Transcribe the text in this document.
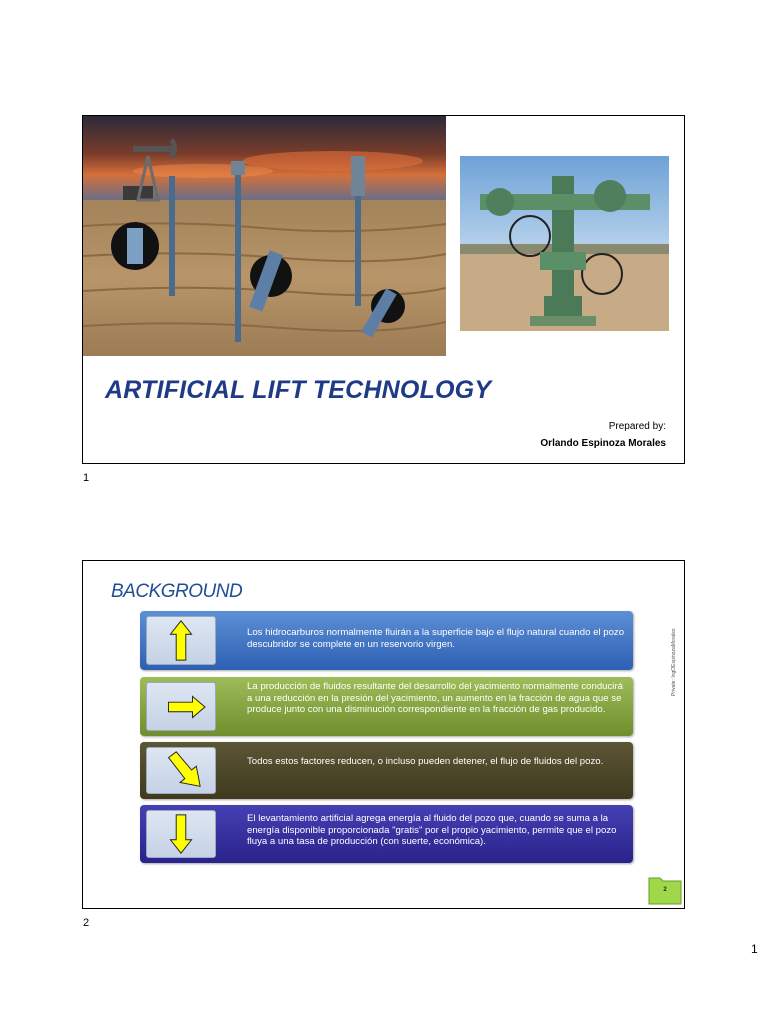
ARTIFICIAL LIFT TECHNOLOGY
Prepared by:
Orlando Espinoza Morales
1
BACKGROUND
Los hidrocarburos normalmente fluirán a la superficie bajo el flujo natural cuando el pozo descubridor se complete en un reservorio virgen.
La producción de fluidos resultante del desarrollo del yacimiento normalmente conducirá a una reducción en la presión del yacimiento, un aumento en la fracción de agua que se produce junto con una disminución correspondiente en la fracción de gas producido.
Todos estos factores reducen, o incluso pueden detener, el flujo de fluidos del pozo.
El levantamiento artificial agrega energía al fluido del pozo que, cuando se suma a la energía disponible proporcionada "gratis" por el propio yacimiento, permite que el pozo fluya a una tasa de producción (con suerte, económica).
Private: IngOEspinozaMorales
2
2
1
